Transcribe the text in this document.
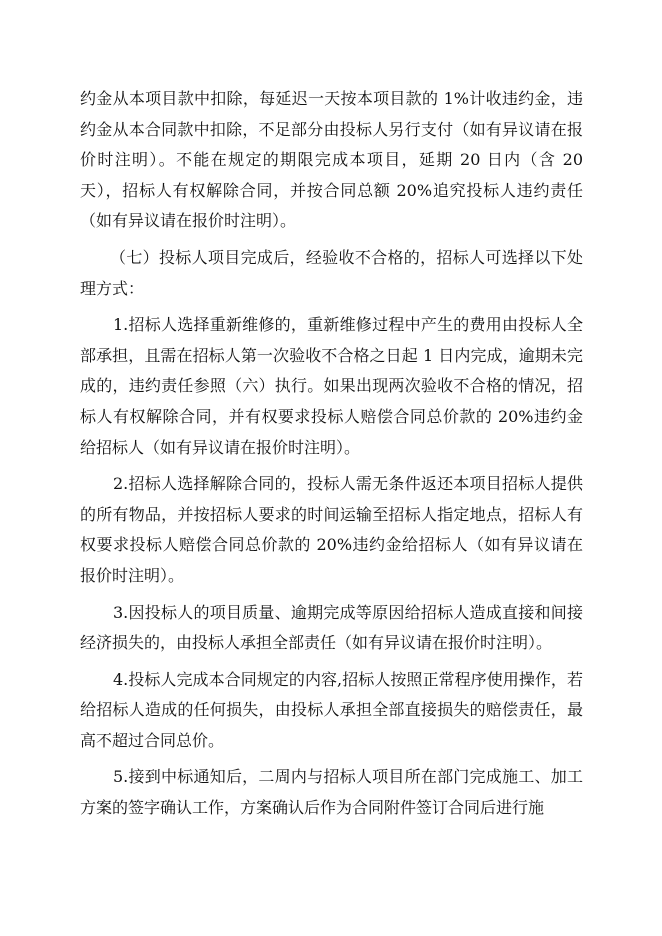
约金从本项目款中扣除，每延迟一天按本项目款的 1%计收违约金，违约金从本合同款中扣除，不足部分由投标人另行支付（如有异议请在报价时注明）。不能在规定的期限完成本项目，延期 20 日内（含 20 天），招标人有权解除合同，并按合同总额 20%追究投标人违约责任（如有异议请在报价时注明）。

（七）投标人项目完成后，经验收不合格的，招标人可选择以下处理方式：

1.招标人选择重新维修的，重新维修过程中产生的费用由投标人全部承担，且需在招标人第一次验收不合格之日起 1 日内完成，逾期未完成的，违约责任参照（六）执行。如果出现两次验收不合格的情况，招标人有权解除合同，并有权要求投标人赔偿合同总价款的 20%违约金给招标人（如有异议请在报价时注明）。

2.招标人选择解除合同的，投标人需无条件返还本项目招标人提供的所有物品，并按招标人要求的时间运输至招标人指定地点，招标人有权要求投标人赔偿合同总价款的 20%违约金给招标人（如有异议请在报价时注明）。

3.因投标人的项目质量、逾期完成等原因给招标人造成直接和间接经济损失的，由投标人承担全部责任（如有异议请在报价时注明）。

4.投标人完成本合同规定的内容,招标人按照正常程序使用操作，若给招标人造成的任何损失，由投标人承担全部直接损失的赔偿责任，最高不超过合同总价。

5.接到中标通知后，二周内与招标人项目所在部门完成施工、加工方案的签字确认工作，方案确认后作为合同附件签订合同后进行施
